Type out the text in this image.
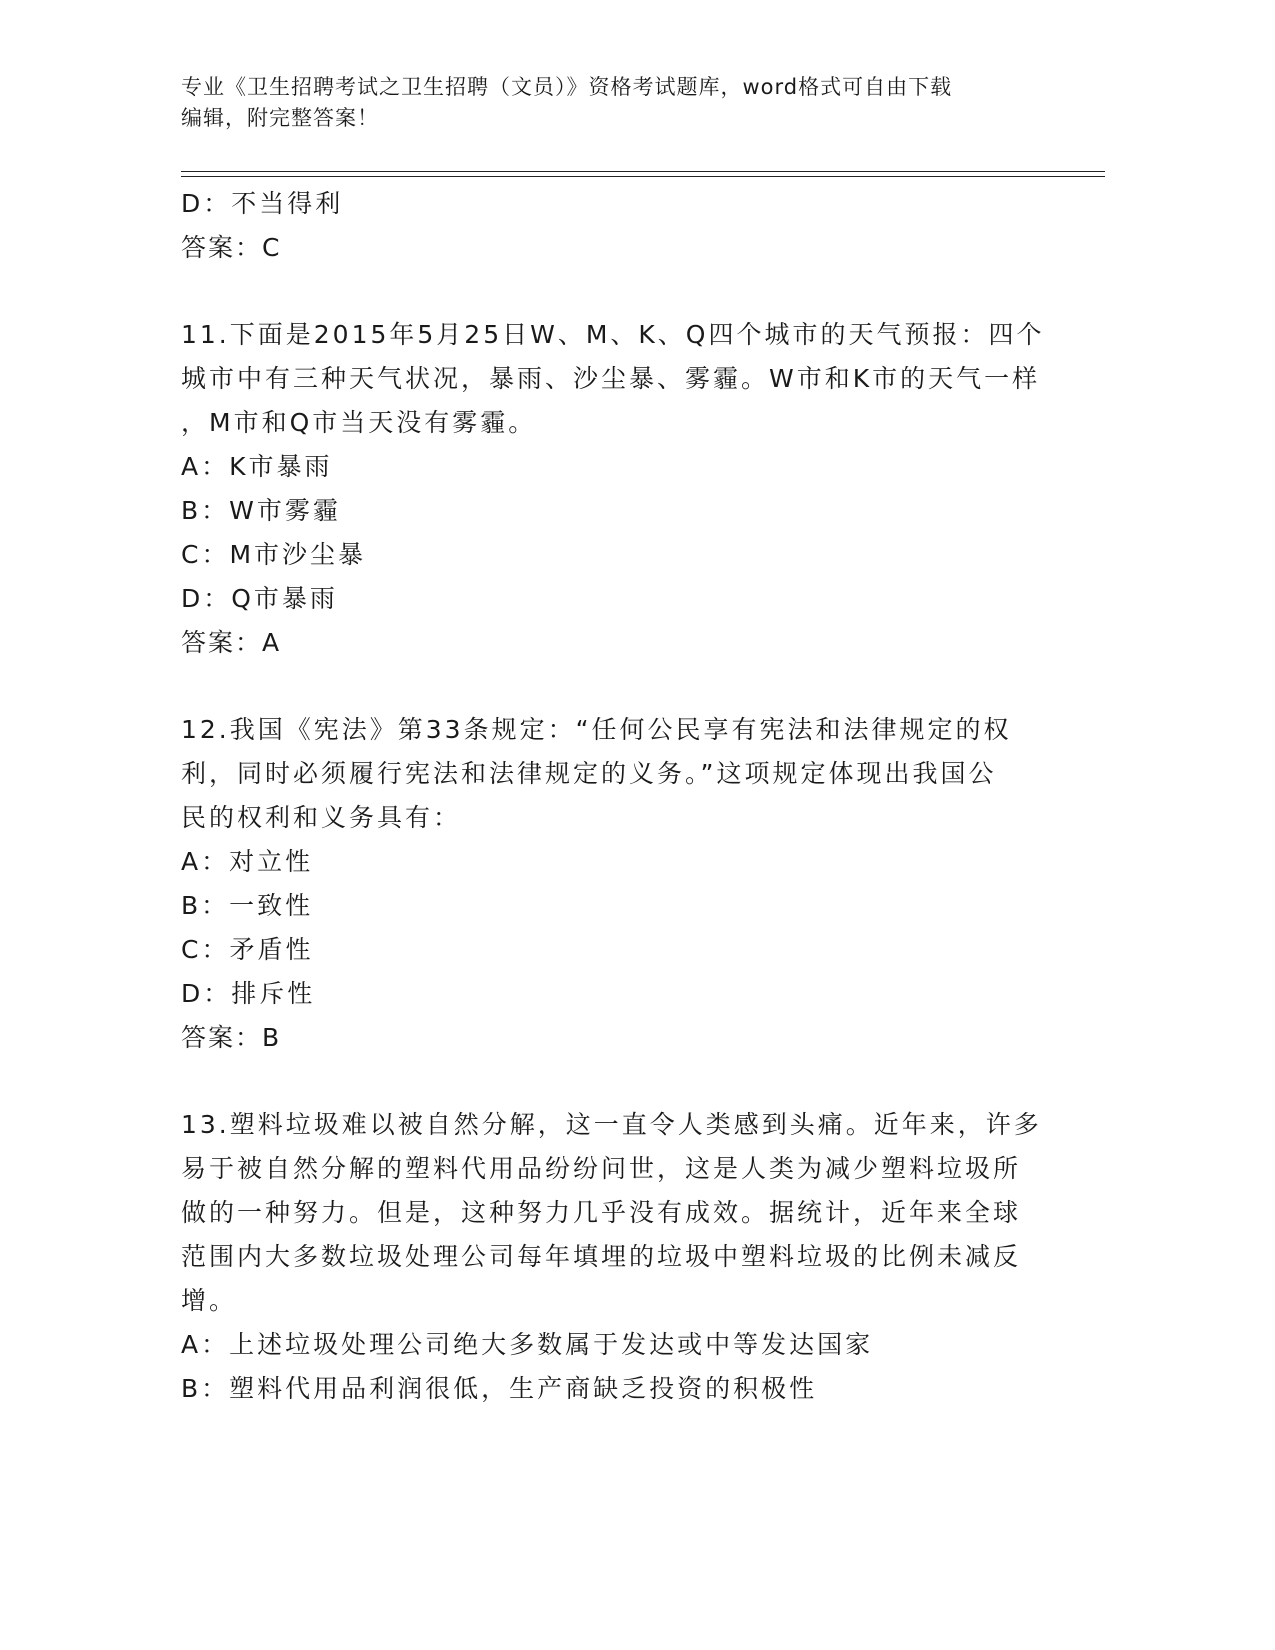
专业《卫生招聘考试之卫生招聘（文员）》资格考试题库，word格式可自由下载
编辑，附完整答案！
D：不当得利
答案：C
11.下面是2015年5月25日W、M、K、Q四个城市的天气预报：四个
城市中有三种天气状况，暴雨、沙尘暴、雾霾。W市和K市的天气一样
，M市和Q市当天没有雾霾。
A：K市暴雨
B：W市雾霾
C：M市沙尘暴
D：Q市暴雨
答案：A
12.我国《宪法》第33条规定：“任何公民享有宪法和法律规定的权
利，同时必须履行宪法和法律规定的义务。”这项规定体现出我国公
民的权利和义务具有：
A：对立性
B：一致性
C：矛盾性
D：排斥性
答案：B
13.塑料垃圾难以被自然分解，这一直令人类感到头痛。近年来，许多
易于被自然分解的塑料代用品纷纷问世，这是人类为减少塑料垃圾所
做的一种努力。但是，这种努力几乎没有成效。据统计，近年来全球
范围内大多数垃圾处理公司每年填埋的垃圾中塑料垃圾的比例未减反
增。
A：上述垃圾处理公司绝大多数属于发达或中等发达国家
B：塑料代用品利润很低，生产商缺乏投资的积极性
